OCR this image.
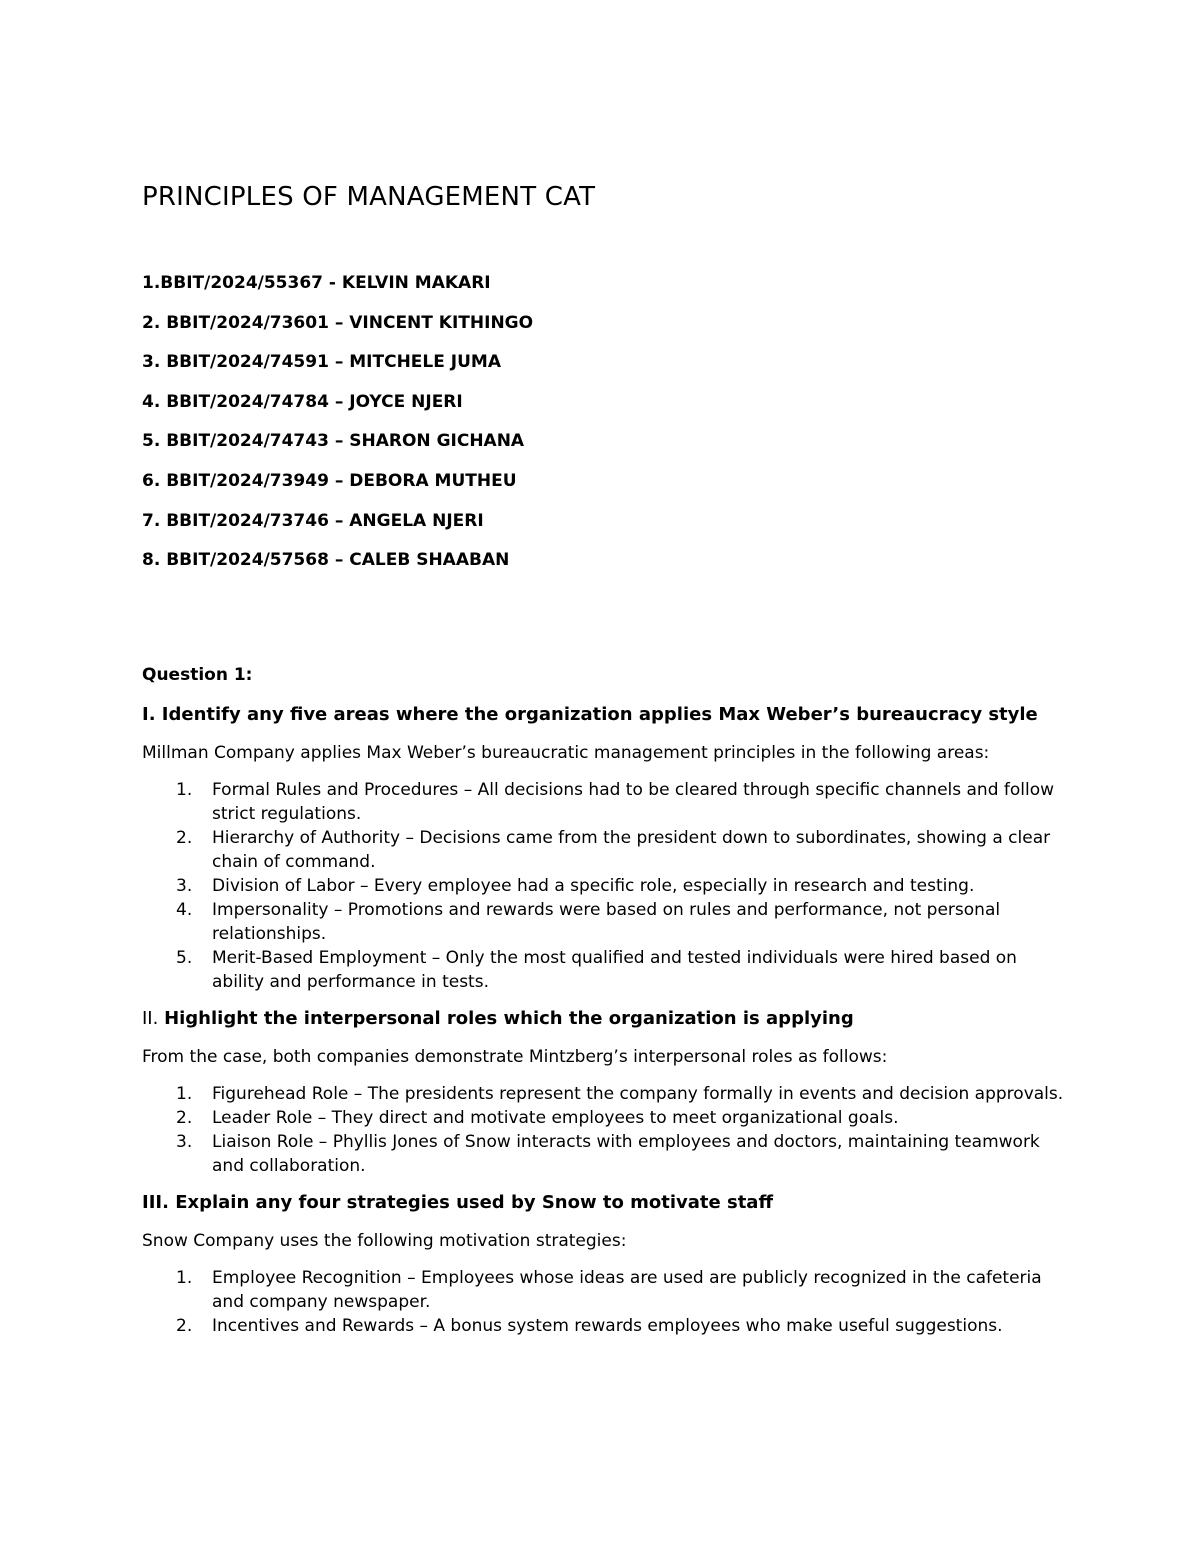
PRINCIPLES OF MANAGEMENT CAT
1.BBIT/2024/55367 - KELVIN MAKARI
2. BBIT/2024/73601 – VINCENT KITHINGO
3. BBIT/2024/74591 – MITCHELE JUMA
4. BBIT/2024/74784 – JOYCE NJERI
5. BBIT/2024/74743 – SHARON GICHANA
6. BBIT/2024/73949 – DEBORA MUTHEU
7. BBIT/2024/73746 – ANGELA NJERI
8. BBIT/2024/57568 – CALEB SHAABAN
Question 1:
I. Identify any five areas where the organization applies Max Weber’s bureaucracy style
Millman Company applies Max Weber’s bureaucratic management principles in the following areas:
1. Formal Rules and Procedures – All decisions had to be cleared through specific channels and follow strict regulations.
2. Hierarchy of Authority – Decisions came from the president down to subordinates, showing a clear chain of command.
3. Division of Labor – Every employee had a specific role, especially in research and testing.
4. Impersonality – Promotions and rewards were based on rules and performance, not personal relationships.
5. Merit-Based Employment – Only the most qualified and tested individuals were hired based on ability and performance in tests.
II. Highlight the interpersonal roles which the organization is applying
From the case, both companies demonstrate Mintzberg’s interpersonal roles as follows:
1. Figurehead Role – The presidents represent the company formally in events and decision approvals.
2. Leader Role – They direct and motivate employees to meet organizational goals.
3. Liaison Role – Phyllis Jones of Snow interacts with employees and doctors, maintaining teamwork and collaboration.
III. Explain any four strategies used by Snow to motivate staff
Snow Company uses the following motivation strategies:
1. Employee Recognition – Employees whose ideas are used are publicly recognized in the cafeteria and company newspaper.
2. Incentives and Rewards – A bonus system rewards employees who make useful suggestions.
